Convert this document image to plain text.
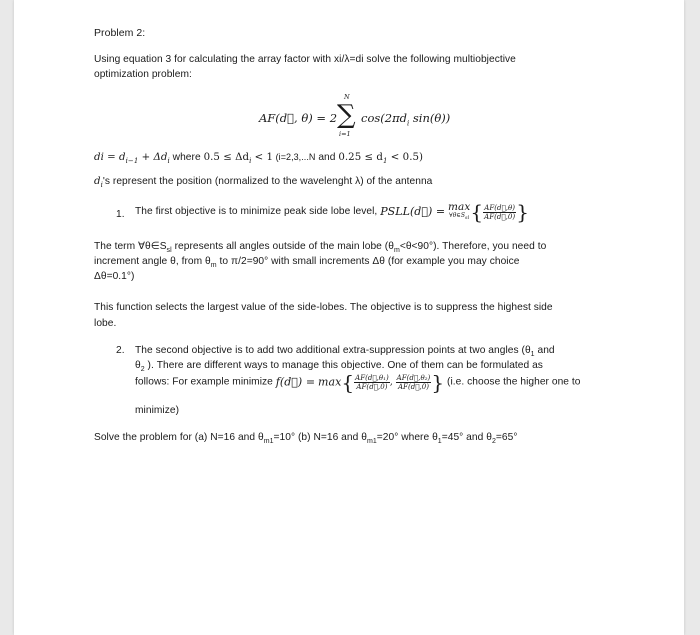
Problem 2:
Using equation 3 for calculating the array factor with xi/λ=di solve the following multiobjective
optimization problem:
AF(d⃗, θ) = 2
N
∑
i=1
$\cos(2\pi d_i$ sin(θ))
di = $d_{i-1} + \Delta d_i$ where $0.5 \le \Delta d_i < 1$ (i=2,3,...N and $0.25 \le d_1 < 0.5$)
$d_i's$ represent the position (normalized to the wavelenght λ) of the antenna
1. The first objective is to minimize peak side lobe level, PSLL(d⃗) = max
$\forall\theta\in S_{sl}$ { $\frac{AF(d⃗,\theta)}{AF(d⃗,0)}$ }
The term $\forall\theta\in S_{sl}$ represents all angles outside of the main lobe $(\theta_m<\theta<90^\circ)$. Therefore, you need to
increment angle θ, from $\theta_m$ to π/2=90° with small increments Δθ (for example you may choice
Δθ=0.1°)
This function selects the largest value of the side-lobes. The objective is to suppress the highest side
lobe.
2. The second objective is to add two additional extra-suppression points at two angles ($\theta_1$ and
$\theta_2$ ). There are different ways to manage this objective. One of them can be formulated as
follows: For example minimize f(d⃗) = $\max\{ \frac{\text{AF(d⃗,θ₁)}}{AF(d⃗,0)}$ , $\frac{\text{AF(d⃗,θ₂)}}{AF(d⃗,0)}$ } (i.e. choose the higher one to
minimize)
Solve the problem for (a) N=16 and $\theta_{m1}=10^\circ$ (b) N=16 and $\theta_{m1}=20^\circ$ where $\theta_1=45^\circ$ and $\theta_2=65^\circ$
